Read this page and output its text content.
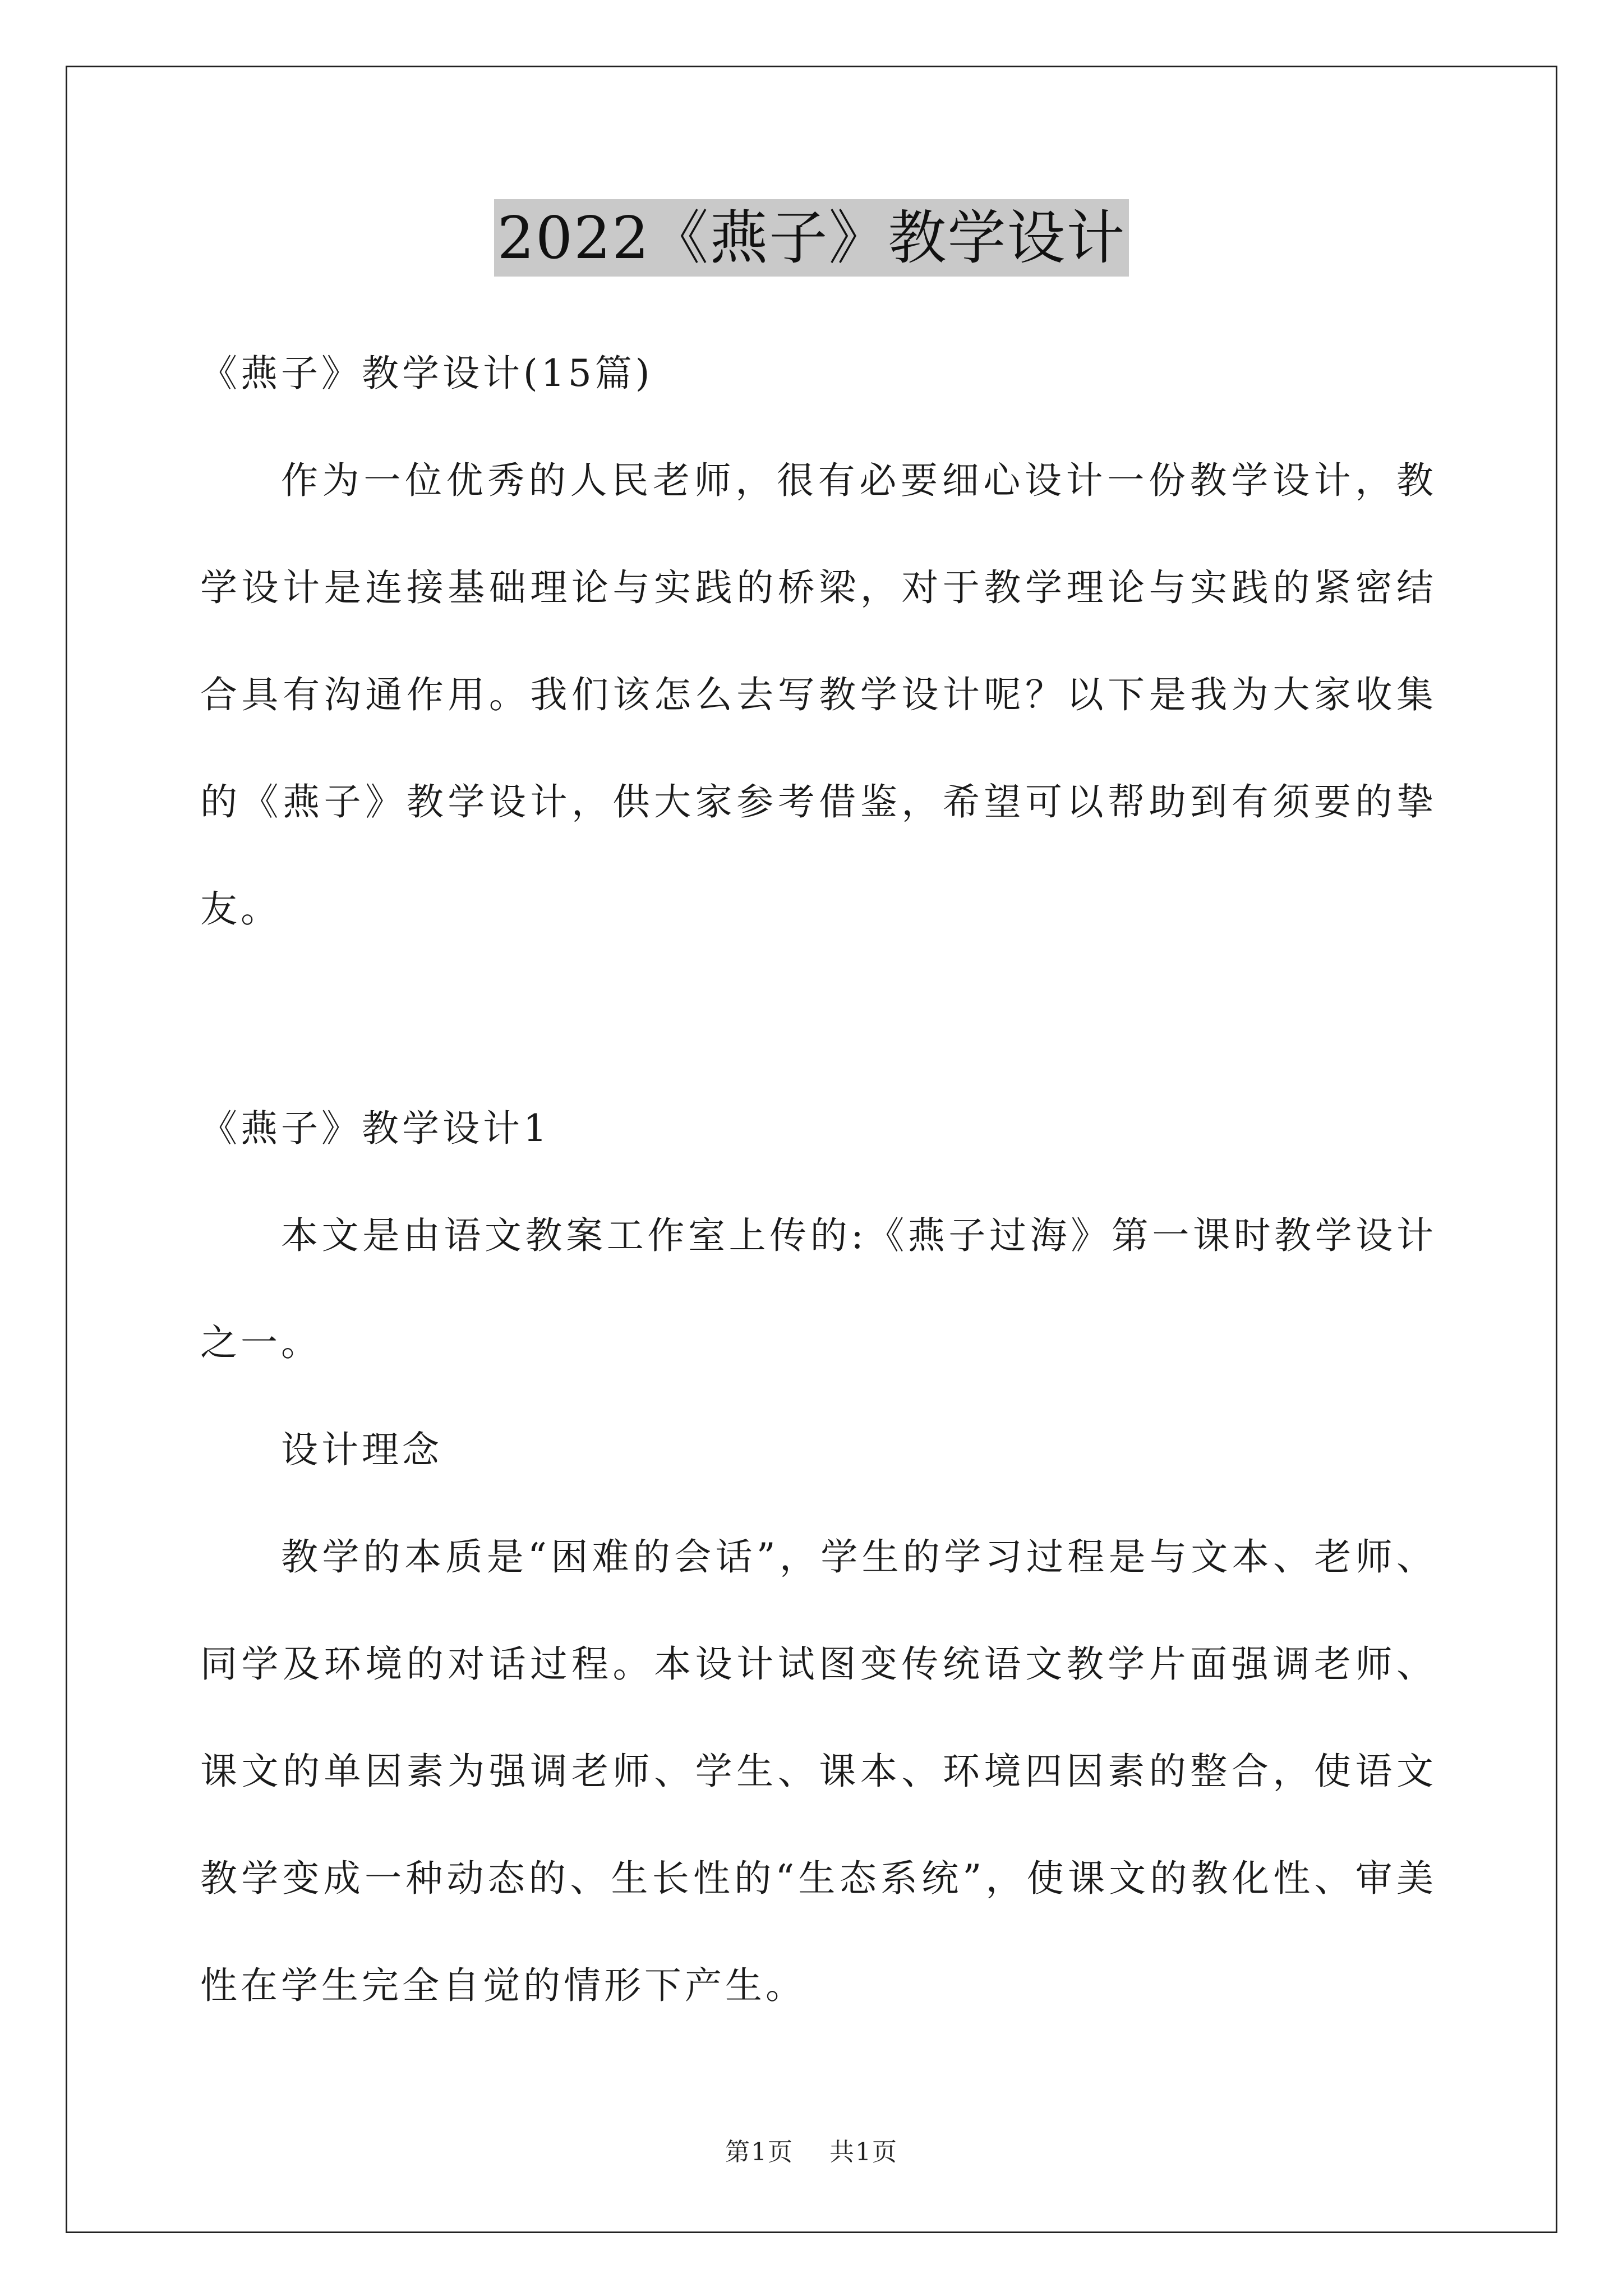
2022《燕子》教学设计

《燕子》教学设计(15篇)

作为一位优秀的人民老师，很有必要细心设计一份教学设计，教学设计是连接基础理论与实践的桥梁，对于教学理论与实践的紧密结合具有沟通作用。我们该怎么去写教学设计呢？以下是我为大家收集的《燕子》教学设计，供大家参考借鉴，希望可以帮助到有须要的挚友。

《燕子》教学设计1

本文是由语文教案工作室上传的:《燕子过海》第一课时教学设计之一。

设计理念

教学的本质是“困难的会话”，学生的学习过程是与文本、老师、同学及环境的对话过程。本设计试图变传统语文教学片面强调老师、课文的单因素为强调老师、学生、课本、环境四因素的整合，使语文教学变成一种动态的、生长性的“生态系统”，使课文的教化性、审美性在学生完全自觉的情形下产生。

第1页 共1页
